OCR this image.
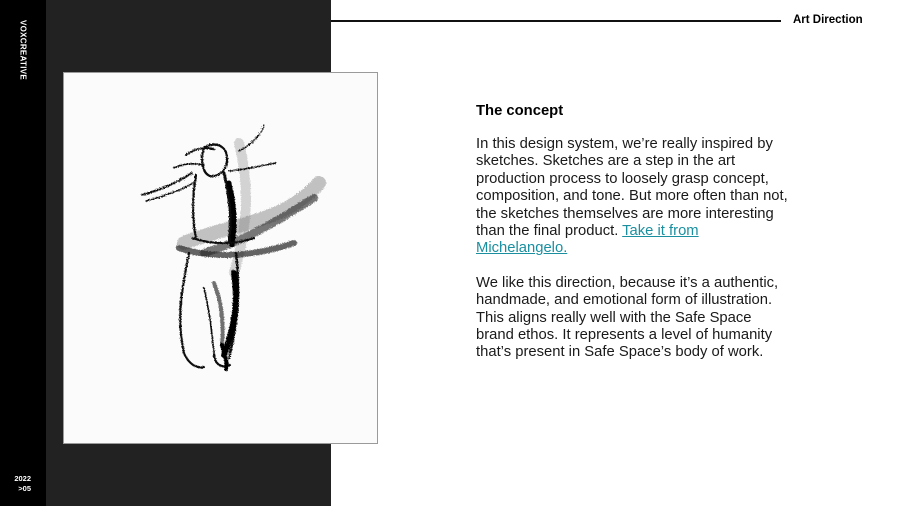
VOXCREATIVE
2022
>05
Art Direction
The concept

In this design system, we’re really inspired by sketches. Sketches are a step in the art production process to loosely grasp concept, composition, and tone. But more often than not, the sketches themselves are more interesting than the final product. Take it from Michelangelo.

We like this direction, because it’s a authentic, handmade, and emotional form of illustration. This aligns really well with the Safe Space brand ethos. It represents a level of humanity that’s present in Safe Space’s body of work.
